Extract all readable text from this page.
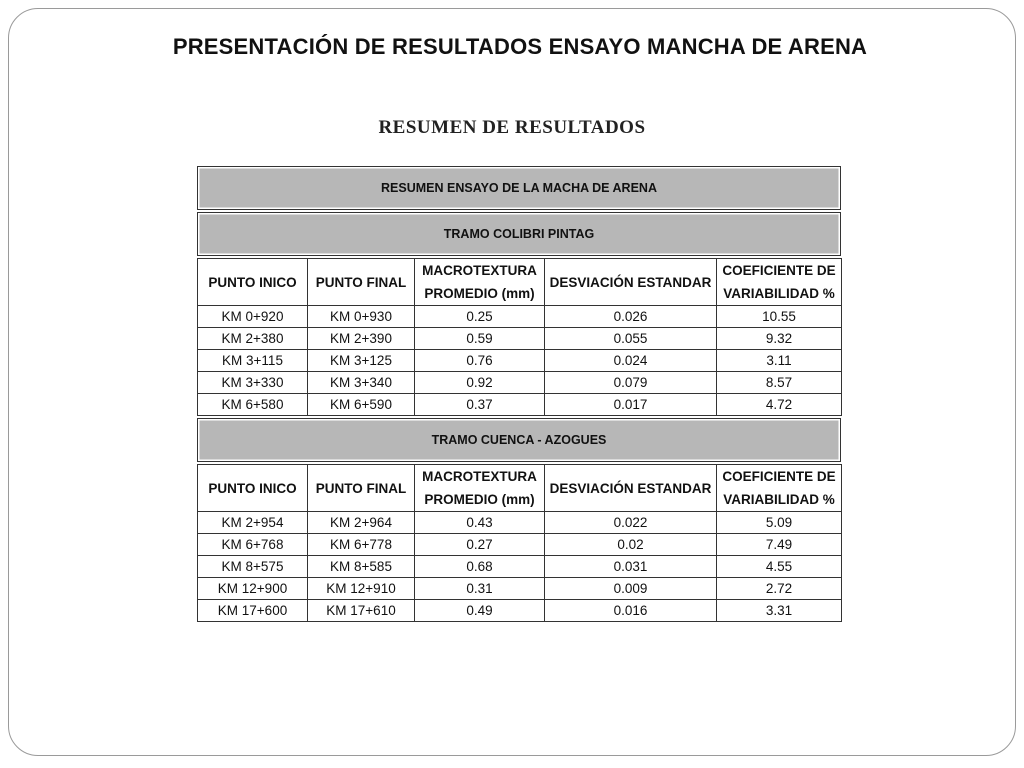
PRESENTACIÓN DE RESULTADOS ENSAYO MANCHA DE ARENA
RESUMEN DE RESULTADOS
RESUMEN ENSAYO DE LA MACHA DE ARENA
TRAMO COLIBRI PINTAG
PUNTO INICO	PUNTO FINAL	MACROTEXTURA PROMEDIO (mm)	DESVIACIÓN ESTANDAR	COEFICIENTE DE VARIABILIDAD %
KM 0+920	KM 0+930	0.25	0.026	10.55
KM 2+380	KM 2+390	0.59	0.055	9.32
KM 3+115	KM 3+125	0.76	0.024	3.11
KM 3+330	KM 3+340	0.92	0.079	8.57
KM 6+580	KM 6+590	0.37	0.017	4.72
TRAMO CUENCA - AZOGUES
PUNTO INICO	PUNTO FINAL	MACROTEXTURA PROMEDIO (mm)	DESVIACIÓN ESTANDAR	COEFICIENTE DE VARIABILIDAD %
KM 2+954	KM 2+964	0.43	0.022	5.09
KM 6+768	KM 6+778	0.27	0.02	7.49
KM 8+575	KM 8+585	0.68	0.031	4.55
KM 12+900	KM 12+910	0.31	0.009	2.72
KM 17+600	KM 17+610	0.49	0.016	3.31
